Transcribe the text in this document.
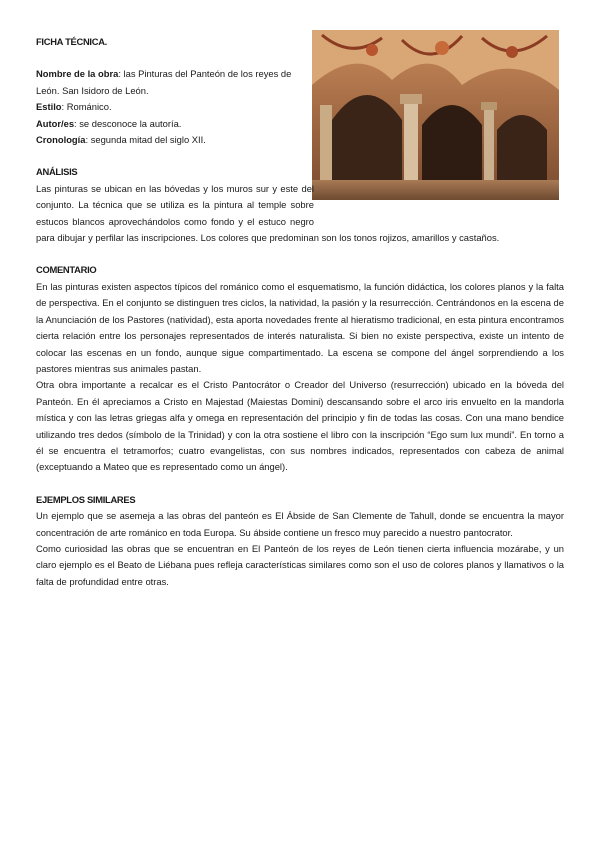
FICHA TÉCNICA.

Nombre de la obra: las Pinturas del Panteón de los reyes de León. San Isidoro de León.

Estilo: Románico.

Autor/es: se desconoce la autoría.

Cronología: segunda mitad del siglo XII.

ANÁLISIS

Las pinturas se ubican en las bóvedas y los muros sur y este del conjunto. La técnica que se utiliza es la pintura al temple sobre estucos blancos aprovechándolos como fondo y el estuco negro para dibujar y perfilar las inscripciones. Los colores que predominan son los tonos rojizos, amarillos y castaños.

COMENTARIO

En las pinturas existen aspectos típicos del románico como el esquematismo, la función didáctica, los colores planos y la falta de perspectiva. En el conjunto se distinguen tres ciclos, la natividad, la pasión y la resurrección. Centrándonos en la escena de la Anunciación de los Pastores (natividad), esta aporta novedades frente al hieratismo tradicional, en esta pintura encontramos cierta relación entre los personajes representados de interés naturalista. Si bien no existe perspectiva, existe un intento de colocar las escenas en un fondo, aunque sigue compartimentado. La escena se compone del ángel sorprendiendo a los pastores mientras sus animales pastan.

Otra obra importante a recalcar es el Cristo Pantocrátor o Creador del Universo (resurrección) ubicado en la bóveda del Panteón. En él apreciamos a Cristo en Majestad (Maiestas Domini) descansando sobre el arco iris envuelto en la mandorla mística y con las letras griegas alfa y omega en representación del principio y fin de todas las cosas. Con una mano bendice utilizando tres dedos (símbolo de la Trinidad) y con la otra sostiene el libro con la inscripción “Ego sum lux mundi”. En torno a él se encuentra el tetramorfos; cuatro evangelistas, con sus nombres indicados, representados con cabeza de animal (exceptuando a Mateo que es representado como un ángel).

EJEMPLOS SIMILARES

Un ejemplo que se asemeja a las obras del panteón es El Ábside de San Clemente de Tahull, donde se encuentra la mayor concentración de arte románico en toda Europa. Su ábside contiene un fresco muy parecido a nuestro pantocrator.

Como curiosidad las obras que se encuentran en El Panteón de los reyes de León tienen cierta influencia mozárabe, y un claro ejemplo es el Beato de Liébana pues refleja características similares como son el uso de colores planos y llamativos o la falta de profundidad entre otras.
